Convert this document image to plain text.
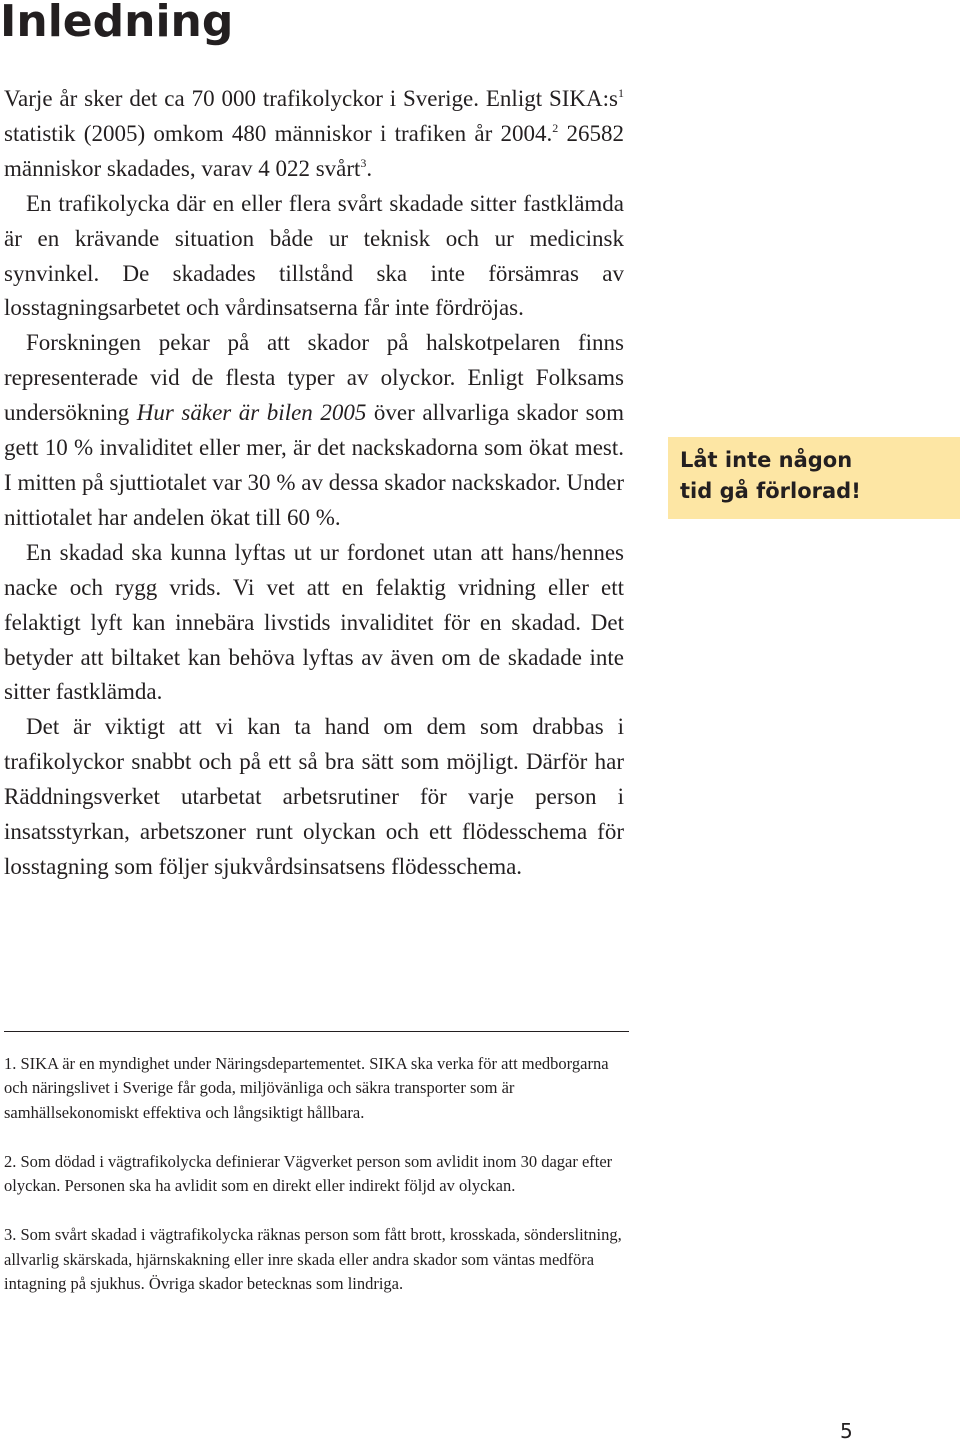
Inledning

Varje år sker det ca 70 000 trafikolyckor i Sverige. Enligt $SIKA:s^1$ statistik (2005) omkom 480 människor i trafiken år 2004.$^2$ 26582 människor skadades, varav 4 022 svårt$^3$.

En trafikolycka där en eller flera svårt skadade sitter fastklämda är en krävande situation både ur teknisk och ur medicinsk synvinkel. De skadades tillstånd ska inte försämras av losstagningsarbetet och vårdinsatserna får inte fördröjas.

Forskningen pekar på att skador på halskotpelaren finns representerade vid de flesta typer av olyckor. Enligt Folksams undersökning Hur säker är bilen 2005 över allvarliga skador som gett 10 % invaliditet eller mer, är det nackskadorna som ökat mest. I mitten på sjuttiotalet var 30 % av dessa skador nackskador. Under nittiotalet har andelen ökat till 60 %.

En skadad ska kunna lyftas ut ur fordonet utan att hans/hennes nacke och rygg vrids. Vi vet att en felaktig vridning eller ett felaktigt lyft kan innebära livstids invaliditet för en skadad. Det betyder att biltaket kan behöva lyftas av även om de skadade inte sitter fastklämda.

Det är viktigt att vi kan ta hand om dem som drabbas i trafikolyckor snabbt och på ett så bra sätt som möjligt. Därför har Räddningsverket utarbetat arbetsrutiner för varje person i insatsstyrkan, arbetszoner runt olyckan och ett flödesschema för losstagning som följer sjukvårdsinsatsens flödesschema.

Låt inte någon
tid gå förlorad!

1. SIKA är en myndighet under Näringsdepartementet. SIKA ska verka för att medborgarna och näringslivet i Sverige får goda, miljövänliga och säkra transporter som är samhällsekonomiskt effektiva och långsiktigt hållbara.

2. Som dödad i vägtrafikolycka definierar Vägverket person som avlidit inom 30 dagar efter olyckan. Personen ska ha avlidit som en direkt eller indirekt följd av olyckan.

3. Som svårt skadad i vägtrafikolycka räknas person som fått brott, krosskada, sönderslitning, allvarlig skärskada, hjärnskakning eller inre skada eller andra skador som väntas medföra intagning på sjukhus. Övriga skador betecknas som lindriga.

5
